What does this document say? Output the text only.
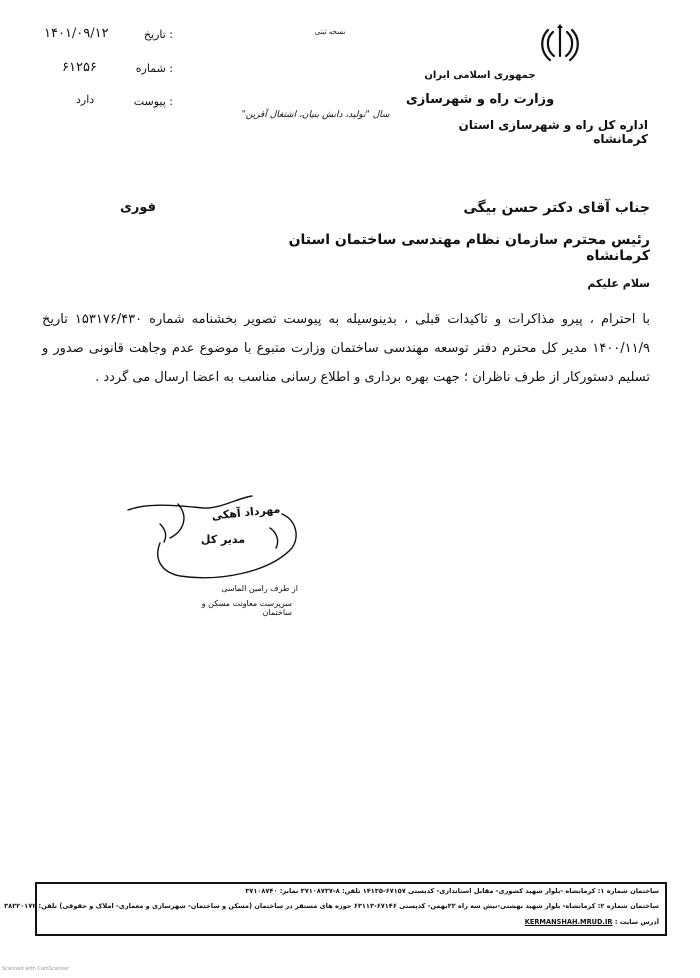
جمهوری اسلامی ایران
وزارت راه و شهرسازی
اداره کل راه و شهرسازی استان کرمانشاه
نسخه ثبتی
سال "تولید، دانش بنیان، اشتغال آفرین"
: تاریخ
۱۴۰۱/۰۹/۱۲
: شماره
۶۱۲۵۶
: پیوست
دارد
جناب آقای دکتر حسن بیگی
فوری
رئیس محترم سازمان نظام مهندسی ساختمان استان کرمانشاه
سلام علیکم
با احترام ، پیرو مذاکرات و تاکیدات قبلی ، بدینوسیله به پیوست تصویر بخشنامه شماره ۱۵۳۱۷۶/۴۳۰ تاریخ ۱۴۰۰/۱۱/۹ مدیر کل محترم دفتر توسعه مهندسی ساختمان وزارت متبوع با موضوع عدم وجاهت قانونی صدور و تسلیم دستورکار از طرف ناظران ؛ جهت بهره برداری و اطلاع رسانی مناسب به اعضا ارسال می گردد .
مهرداد آهکی
مدیر کل
از طرف رامین الماسی
سرپرست معاونت مسکن و ساختمان
ساختمان شماره ۱: کرمانشاه -بلوار شهید کشوری- مقابل استانداری- کدپستی ۶۷۱۵۷-۱۴۱۳۵ تلفن: ۸-۳۷۱۰۸۷۳۷ نمابر: ۳۷۱۰۸۷۴۰
ساختمان شماره ۲: کرمانشاه- بلوار شهید بهشتی-نبش سه راه ۲۲بهمن- کدپستی ۶۷۱۴۶-۶۳۱۱۳ حوزه های مستقر در ساختمان (مسکن و ساختمان- شهرسازی و معماری- املاک و حقوقی) تلفن: ۳۸۲۲۰۱۷۲
آدرس سایت : KERMANSHAH.MRUD.IR
Scanned with CamScanner
